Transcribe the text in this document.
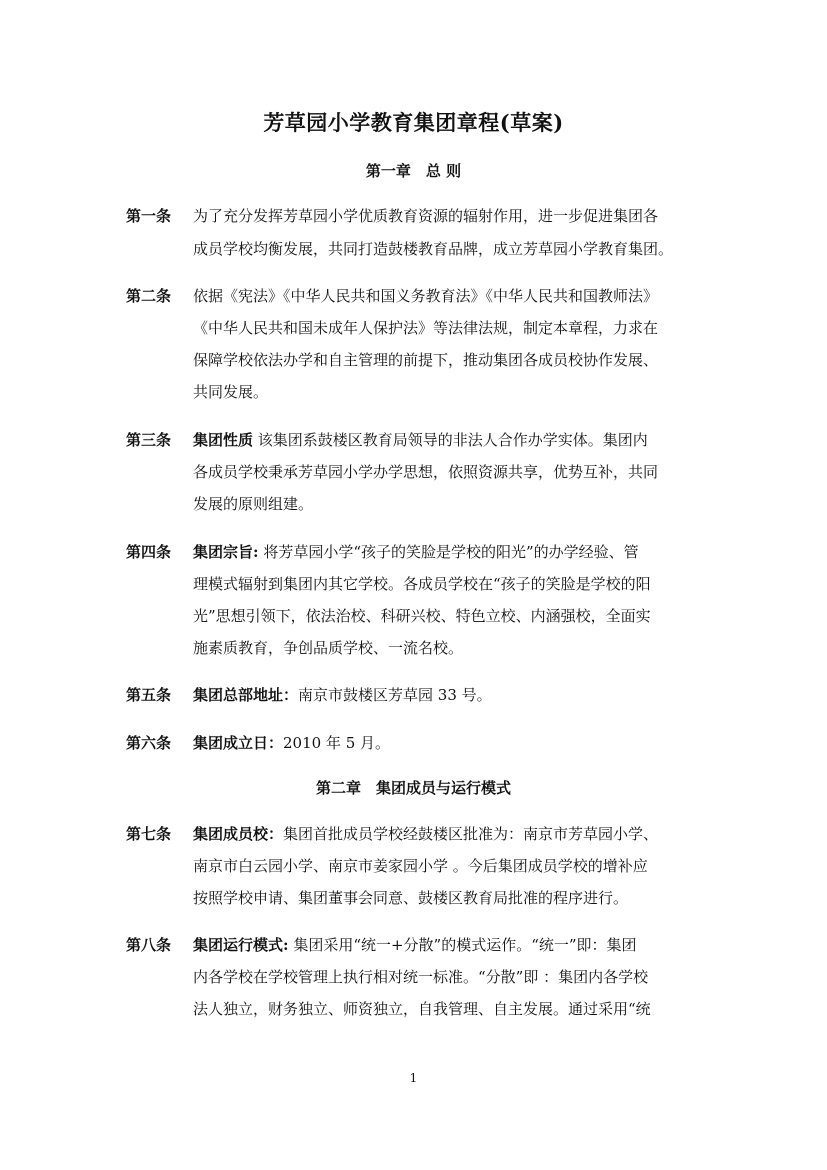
芳草园小学教育集团章程(草案)
第一章　总 则
第一条 为了充分发挥芳草园小学优质教育资源的辐射作用，进一步促进集团各
成员学校均衡发展，共同打造鼓楼教育品牌，成立芳草园小学教育集团。
第二条 依据《宪法》《中华人民共和国义务教育法》《中华人民共和国教师法》
《中华人民共和国未成年人保护法》等法律法规，制定本章程，力求在
保障学校依法办学和自主管理的前提下，推动集团各成员校协作发展、
共同发展。
第三条 集团性质 该集团系鼓楼区教育局领导的非法人合作办学实体。集团内
各成员学校秉承芳草园小学办学思想，依照资源共享，优势互补，共同
发展的原则组建。
第四条 集团宗旨: 将芳草园小学“孩子的笑脸是学校的阳光”的办学经验、管
理模式辐射到集团内其它学校。各成员学校在“孩子的笑脸是学校的阳
光”思想引领下，依法治校、科研兴校、特色立校、内涵强校，全面实
施素质教育，争创品质学校、一流名校。
第五条 集团总部地址：南京市鼓楼区芳草园 33 号。
第六条 集团成立日：2010 年 5 月。
第二章　集团成员与运行模式
第七条 集团成员校：集团首批成员学校经鼓楼区批准为：南京市芳草园小学、
南京市白云园小学、南京市姜家园小学 。今后集团成员学校的增补应
按照学校申请、集团董事会同意、鼓楼区教育局批准的程序进行。
第八条 集团运行模式: 集团采用“统一+分散”的模式运作。“统一”即：集团
内各学校在学校管理上执行相对统一标准。“分散”即 ：集团内各学校
法人独立，财务独立、师资独立，自我管理、自主发展。通过采用“统
1
